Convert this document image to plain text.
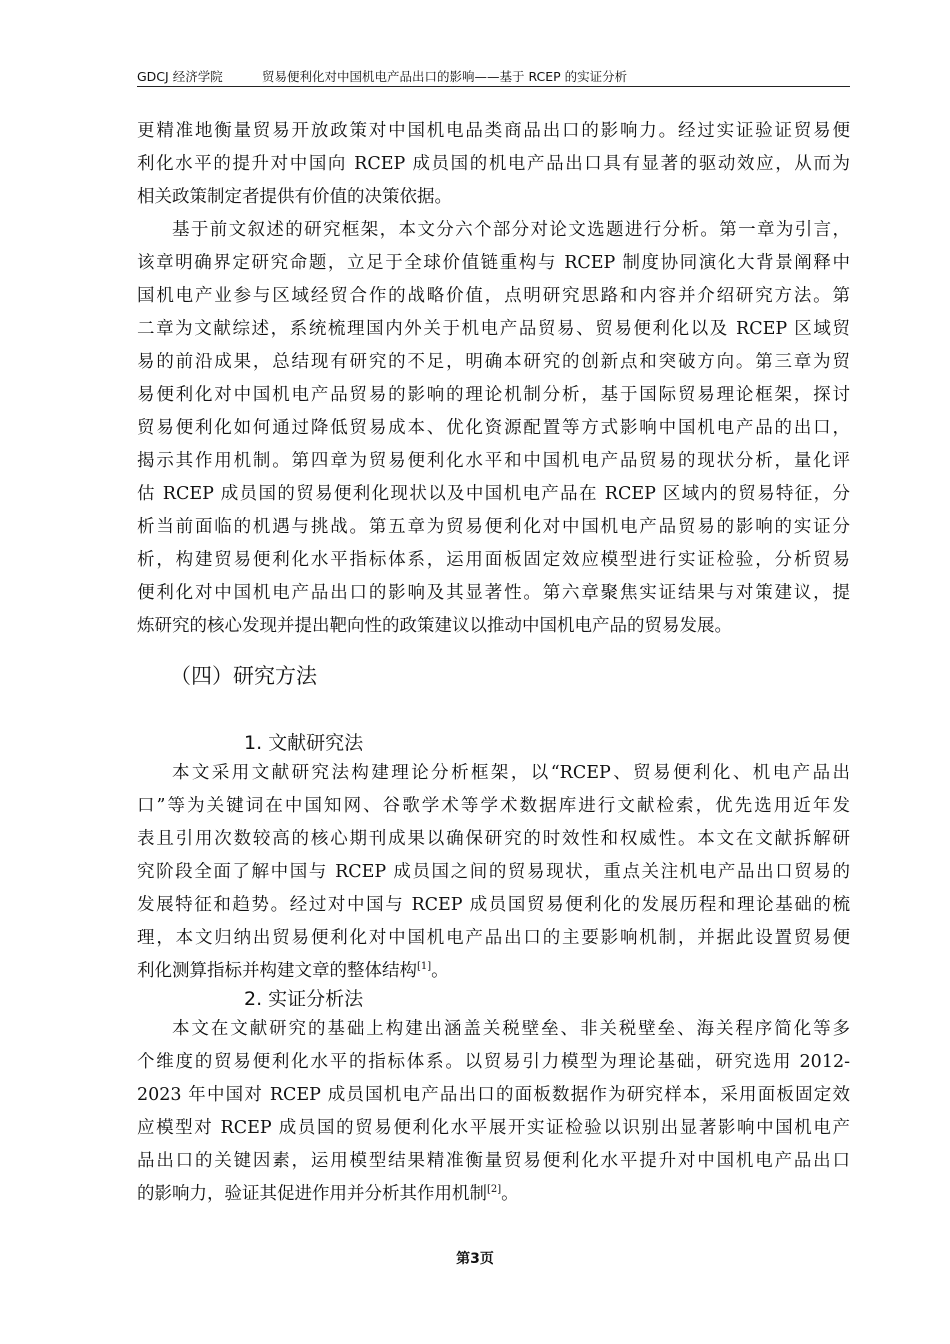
GDCJ 经济学院	贸易便利化对中国机电产品出口的影响——基于 RCEP 的实证分析
更精准地衡量贸易开放政策对中国机电品类商品出口的影响力。经过实证验证贸易便
利化水平的提升对中国向 RCEP 成员国的机电产品出口具有显著的驱动效应，从而为
相关政策制定者提供有价值的决策依据。
基于前文叙述的研究框架，本文分六个部分对论文选题进行分析。第一章为引言，
该章明确界定研究命题，立足于全球价值链重构与 RCEP 制度协同演化大背景阐释中
国机电产业参与区域经贸合作的战略价值，点明研究思路和内容并介绍研究方法。第
二章为文献综述，系统梳理国内外关于机电产品贸易、贸易便利化以及 RCEP 区域贸
易的前沿成果，总结现有研究的不足，明确本研究的创新点和突破方向。第三章为贸
易便利化对中国机电产品贸易的影响的理论机制分析，基于国际贸易理论框架，探讨
贸易便利化如何通过降低贸易成本、优化资源配置等方式影响中国机电产品的出口，
揭示其作用机制。第四章为贸易便利化水平和中国机电产品贸易的现状分析，量化评
估 RCEP 成员国的贸易便利化现状以及中国机电产品在 RCEP 区域内的贸易特征，分
析当前面临的机遇与挑战。第五章为贸易便利化对中国机电产品贸易的影响的实证分
析，构建贸易便利化水平指标体系，运用面板固定效应模型进行实证检验，分析贸易
便利化对中国机电产品出口的影响及其显著性。第六章聚焦实证结果与对策建议，提
炼研究的核心发现并提出靶向性的政策建议以推动中国机电产品的贸易发展。
（四）研究方法
1. 文献研究法
本文采用文献研究法构建理论分析框架，以“RCEP、贸易便利化、机电产品出
口”等为关键词在中国知网、谷歌学术等学术数据库进行文献检索，优先选用近年发
表且引用次数较高的核心期刊成果以确保研究的时效性和权威性。本文在文献拆解研
究阶段全面了解中国与 RCEP 成员国之间的贸易现状，重点关注机电产品出口贸易的
发展特征和趋势。经过对中国与 RCEP 成员国贸易便利化的发展历程和理论基础的梳
理，本文归纳出贸易便利化对中国机电产品出口的主要影响机制，并据此设置贸易便
利化测算指标并构建文章的整体结构[1]。
2. 实证分析法
本文在文献研究的基础上构建出涵盖关税壁垒、非关税壁垒、海关程序简化等多
个维度的贸易便利化水平的指标体系。以贸易引力模型为理论基础，研究选用 2012-
2023 年中国对 RCEP 成员国机电产品出口的面板数据作为研究样本，采用面板固定效
应模型对 RCEP 成员国的贸易便利化水平展开实证检验以识别出显著影响中国机电产
品出口的关键因素，运用模型结果精准衡量贸易便利化水平提升对中国机电产品出口
的影响力，验证其促进作用并分析其作用机制[2]。
第3页
